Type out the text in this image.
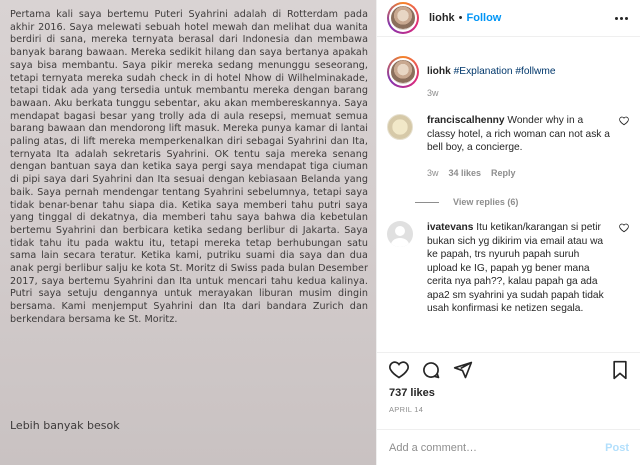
Pertama kali saya bertemu Puteri Syahrini adalah di Rotterdam pada akhir 2016. Saya melewati sebuah hotel mewah dan melihat dua wanita berdiri di sana, mereka ternyata berasal dari Indonesia dan membawa banyak barang bawaan. Mereka sedikit hilang dan saya bertanya apakah saya bisa membantu. Saya pikir mereka sedang menunggu seseorang, tetapi ternyata mereka sudah check in di hotel Nhow di Wilhelminakade, tetapi tidak ada yang tersedia untuk membantu mereka dengan barang bawaan. Aku berkata tunggu sebentar, aku akan membereskannya. Saya mendapat bagasi besar yang trolly ada di aula resepsi, memuat semua barang bawaan dan mendorong lift masuk. Mereka punya kamar di lantai paling atas, di lift mereka memperkenalkan diri sebagai Syahrini dan Ita, ternyata Ita adalah sekretaris Syahrini. OK tentu saja mereka senang dengan bantuan saya dan ketika saya pergi saya mendapat tiga ciuman di pipi saya dari Syahrini dan Ita sesuai dengan kebiasaan Belanda yang baik. Saya pernah mendengar tentang Syahrini sebelumnya, tetapi saya tidak benar-benar tahu siapa dia. Ketika saya memberi tahu putri saya yang tinggal di dekatnya, dia memberi tahu saya bahwa dia kebetulan bertemu Syahrini dan berbicara ketika sedang berlibur di Jakarta. Saya tidak tahu itu pada waktu itu, tetapi mereka tetap berhubungan satu sama lain secara teratur. Ketika kami, putriku suami dia saya dan dua anak pergi berlibur salju ke kota St. Moritz di Swiss pada bulan Desember 2017, saya bertemu Syahrini dan Ita untuk mencari tahu kedua kalinya. Putri saya setuju dengannya untuk merayakan liburan musim dingin bersama. Kami menjemput Syahrini dan Ita dari bandara Zurich dan berkendara bersama ke St. Moritz.

Lebih banyak besok
liohk • Follow
liohk #Explanation #follwme
3w
franciscalhenny Wonder why in a classy hotel, a rich woman can not ask a bell boy, a concierge.
3w 34 likes Reply
View replies (6)
ivatevans Itu ketikan/karangan si petir bukan sich yg dikirim via email atau wa ke papah, trs nyuruh papah suruh upload ke IG, papah yg bener mana cerita nya pah??, kalau papah ga ada apa2 sm syahrini ya sudah papah tidak usah konfirmasi ke netizen segala.
737 likes
APRIL 14
Add a comment…
Post
